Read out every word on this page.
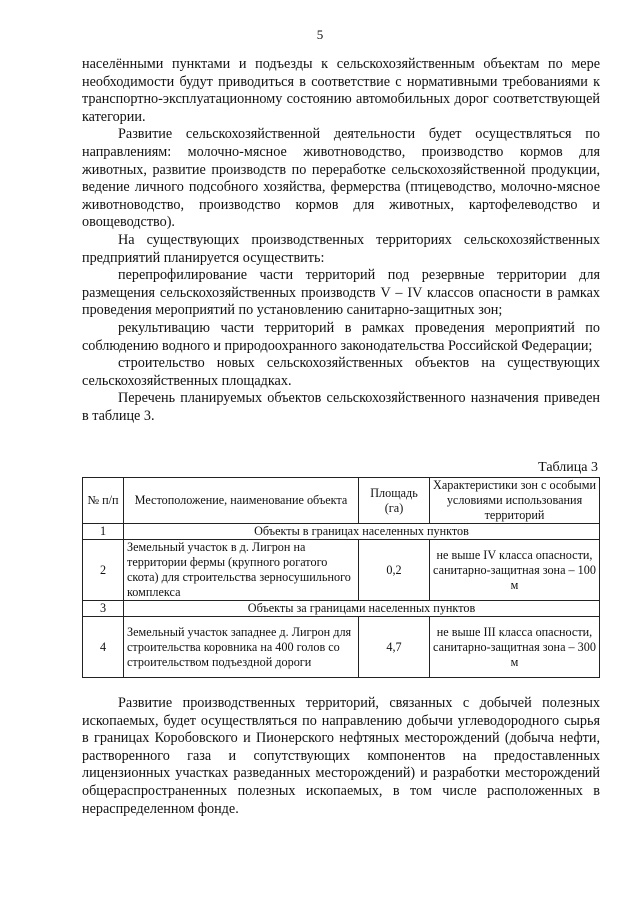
5

населёнными пунктами и подъезды к сельскохозяйственным объектам по мере необходимости будут приводиться в соответствие с нормативными требованиями к транспортно-эксплуатационному состоянию автомобильных дорог соответствующей категории.

Развитие сельскохозяйственной деятельности будет осуществляться по направлениям: молочно-мясное животноводство, производство кормов для животных, развитие производств по переработке сельскохозяйственной продукции, ведение личного подсобного хозяйства, фермерства (птицеводство, молочно-мясное животноводство, производство кормов для животных, картофелеводство и овощеводство).

На существующих производственных территориях сельскохозяйственных предприятий планируется осуществить:

перепрофилирование части территорий под резервные территории для размещения сельскохозяйственных производств V – IV классов опасности в рамках проведения мероприятий по установлению санитарно-защитных зон;

рекультивацию части территорий в рамках проведения мероприятий по соблюдению водного и природоохранного законодательства Российской Федерации;

строительство новых сельскохозяйственных объектов на существующих сельскохозяйственных площадках.

Перечень планируемых объектов сельскохозяйственного назначения приведен в таблице 3.

Таблица 3
№ п/п	Местоположение, наименование объекта	Площадь (га)	Характеристики зон с особыми условиями использования территорий
1	Объекты в границах населенных пунктов		
2	Земельный участок в д. Лигрон на территории фермы (крупного рогатого скота) для строительства зерносушильного комплекса	0,2	не выше IV класса опасности, санитарно-защитная зона – 100 м
3	Объекты за границами населенных пунктов		
4	Земельный участок западнее д. Лигрон для строительства коровника на 400 голов со строительством подъездной дороги	4,7	не выше III класса опасности, санитарно-защитная зона – 300 м

Развитие производственных территорий, связанных с добычей полезных ископаемых, будет осуществляться по направлению добычи углеводородного сырья в границах Коробовского и Пионерского нефтяных месторождений (добыча нефти, растворенного газа и сопутствующих компонентов на предоставленных лицензионных участках разведанных месторождений) и разработки месторождений общераспространенных полезных ископаемых, в том числе расположенных в нераспределенном фонде.
